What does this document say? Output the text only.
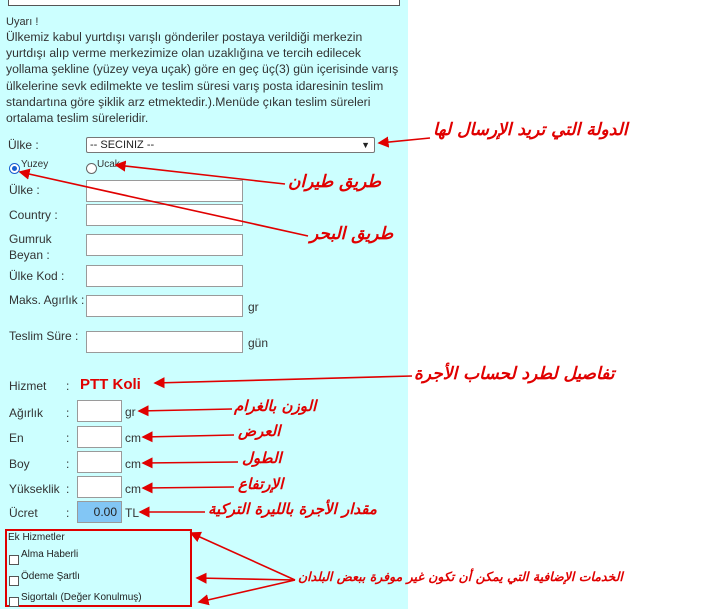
Uyarı !
Ülkemiz kabul yurtdışı varışlı gönderiler postaya verildiği merkezin yurtdışı alıp verme merkezimize olan uzaklığına ve tercih edilecek yollama şekline (yüzey veya uçak) göre en geç üç(3) gün içerisinde varış ülkelerine sevk edilmekte ve teslim süresi varış posta idaresinin teslim standartına göre şiklik arz etmektedir.).Menüde çıkan teslim süreleri ortalama teslim süreleridir.
Ülke :	-- SECINIZ --	▼
Yuzey	Ucak
Ülke :
Country :
Gumruk Beyan :
Ülke Kod :
Maks. Agırlık :	gr
Teslim Süre :	gün
Hizmet : PTT Koli
Ağırlık :	gr
En	:	cm
Boy	:	cm
Yükseklik :	cm
Ücret :	0.00 TL
Ek Hizmetler
Alma Haberli
Ödeme Şartlı
Sigortalı (Değer Konulmuş)
الدولة التي تريد الإرسال لها
طريق طيران
طريق البحر
تفاصيل لطرد لحساب الأجرة
الوزن بالغرام
العرض
الطول
الإرتفاع
مقدار الأجرة بالليرة التركية
الخدمات الإضافية التي يمكن أن تكون غير موفرة ببعض البلدان
